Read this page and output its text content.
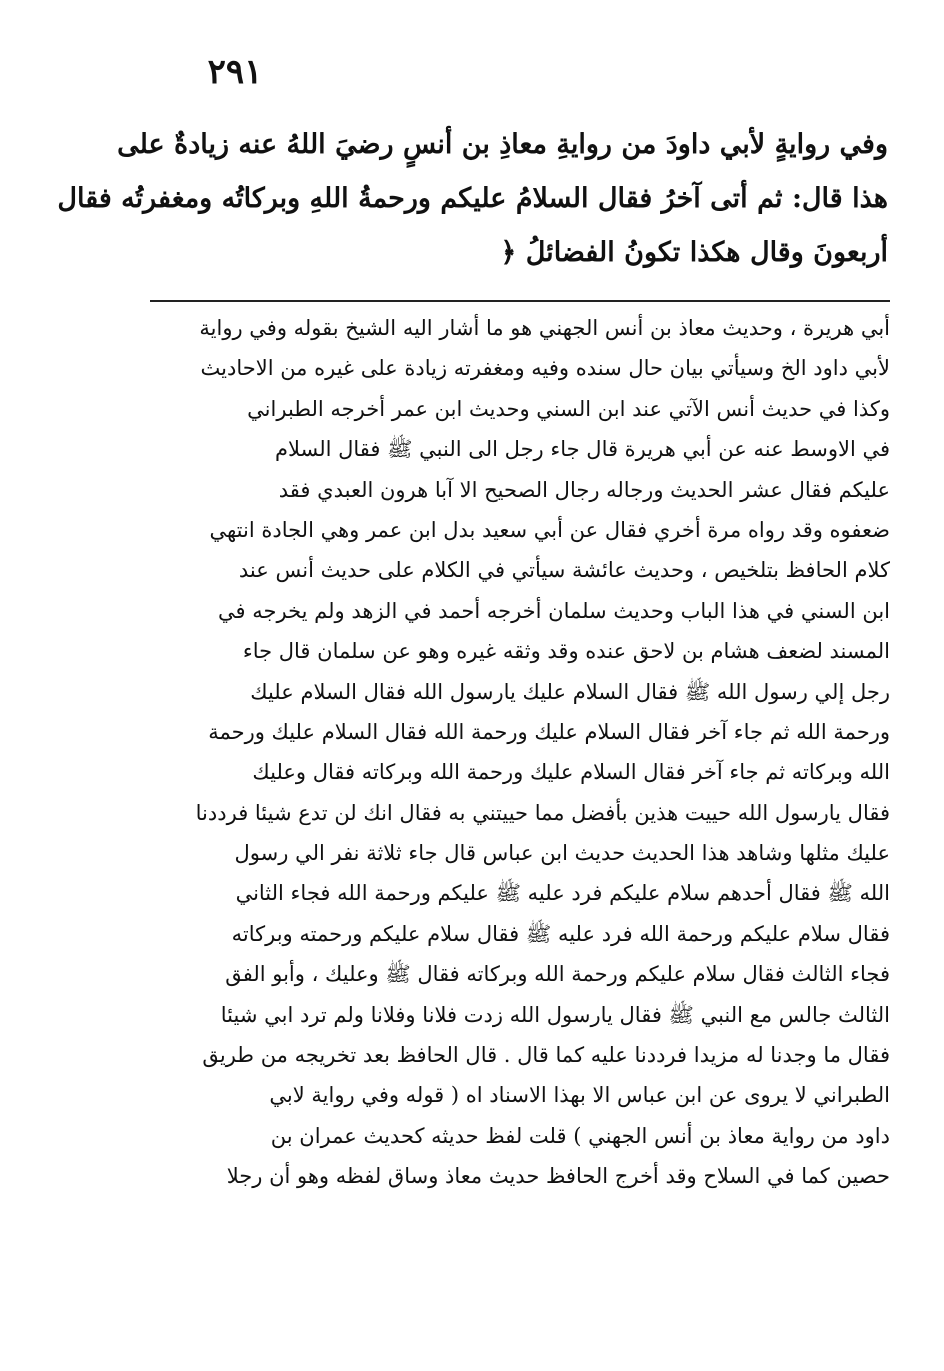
٢٩١
وفي روايةٍ لأبي داودَ من روايةِ معاذِ بن أنسٍ رضيَ اللهُ عنه زيادةٌ على
هذا قال: ثم أتى آخرُ فقال السلامُ عليكم ورحمةُ اللهِ وبركاتُه ومغفرتُه فقال
أربعونَ وقال هكذا تكونُ الفضائلُ ﴿
أبي هريرة ، وحديث معاذ بن أنس الجهني هو ما أشار اليه الشيخ بقوله وفي رواية
لأبي داود الخ وسيأتي بيان حال سنده وفيه ومغفرته زيادة على غيره من الاحاديث
وكذا في حديث أنس الآتي عند ابن السني وحديث ابن عمر أخرجه الطبراني
في الاوسط عنه عن أبي هريرة قال جاء رجل الى النبي ﷺ فقال السلام
عليكم فقال عشر الحديث ورجاله رجال الصحيح الا آبا هرون العبدي فقد
ضعفوه وقد رواه مرة أخري فقال عن أبي سعيد بدل ابن عمر وهي الجادة انتهي
كلام الحافظ بتلخيص ، وحديث عائشة سيأتي في الكلام على حديث أنس عند
ابن السني في هذا الباب وحديث سلمان أخرجه أحمد في الزهد ولم يخرجه في
المسند لضعف هشام بن لاحق عنده وقد وثقه غيره وهو عن سلمان قال جاء
رجل إلي رسول الله ﷺ فقال السلام عليك يارسول الله فقال السلام عليك
ورحمة الله ثم جاء آخر فقال السلام عليك ورحمة الله فقال السلام عليك ورحمة
الله وبركاته ثم جاء آخر فقال السلام عليك ورحمة الله وبركاته فقال وعليك
فقال يارسول الله حييت هذين بأفضل مما حييتني به فقال انك لن تدع شيئا فرددنا
عليك مثلها وشاهد هذا الحديث حديث ابن عباس قال جاء ثلاثة نفر الي رسول
الله ﷺ فقال أحدهم سلام عليكم فرد عليه ﷺ عليكم ورحمة الله فجاء الثاني
فقال سلام عليكم ورحمة الله فرد عليه ﷺ فقال سلام عليكم ورحمته وبركاته
فجاء الثالث فقال سلام عليكم ورحمة الله وبركاته فقال ﷺ وعليك ، وأبو الفق
الثالث جالس مع النبي ﷺ فقال يارسول الله زدت فلانا وفلانا ولم ترد ابي شيئا
فقال ما وجدنا له مزيدا فرددنا عليه كما قال . قال الحافظ بعد تخريجه من طريق
الطبراني لا يروى عن ابن عباس الا بهذا الاسناد اه ( قوله وفي رواية لابي
داود من رواية معاذ بن أنس الجهني ) قلت لفظ حديثه كحديث عمران بن
حصين كما في السلاح وقد أخرج الحافظ حديث معاذ وساق لفظه وهو أن رجلا
